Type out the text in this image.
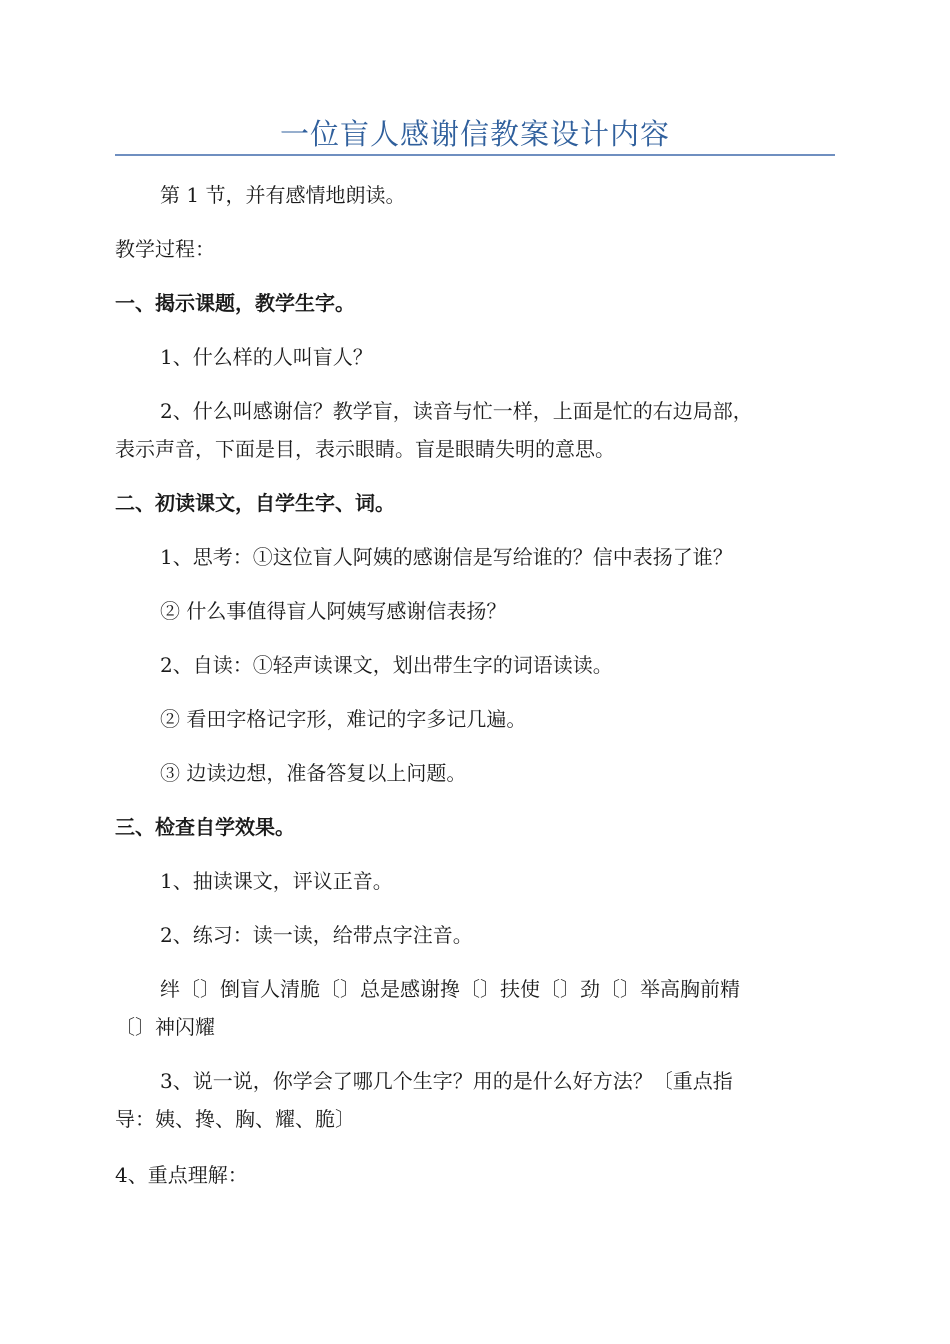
一位盲人感谢信教案设计内容
第 1 节，并有感情地朗读。
教学过程：
一、揭示课题，教学生字。
1、什么样的人叫盲人？
2、什么叫感谢信？教学盲，读音与忙一样，上面是忙的右边局部，
表示声音，下面是目，表示眼睛。盲是眼睛失明的意思。
二、初读课文，自学生字、词。
1、思考：①这位盲人阿姨的感谢信是写给谁的？信中表扬了谁？
② 什么事值得盲人阿姨写感谢信表扬？
2、自读：①轻声读课文，划出带生字的词语读读。
② 看田字格记字形，难记的字多记几遍。
③ 边读边想，准备答复以上问题。
三、检查自学效果。
1、抽读课文，评议正音。
2、练习：读一读，给带点字注音。
绊〔〕倒盲人清脆〔〕总是感谢搀〔〕扶使〔〕劲〔〕举高胸前精
〔〕神闪耀
3、说一说，你学会了哪几个生字？用的是什么好方法？〔重点指
导：姨、搀、胸、耀、脆〕
4、重点理解：
